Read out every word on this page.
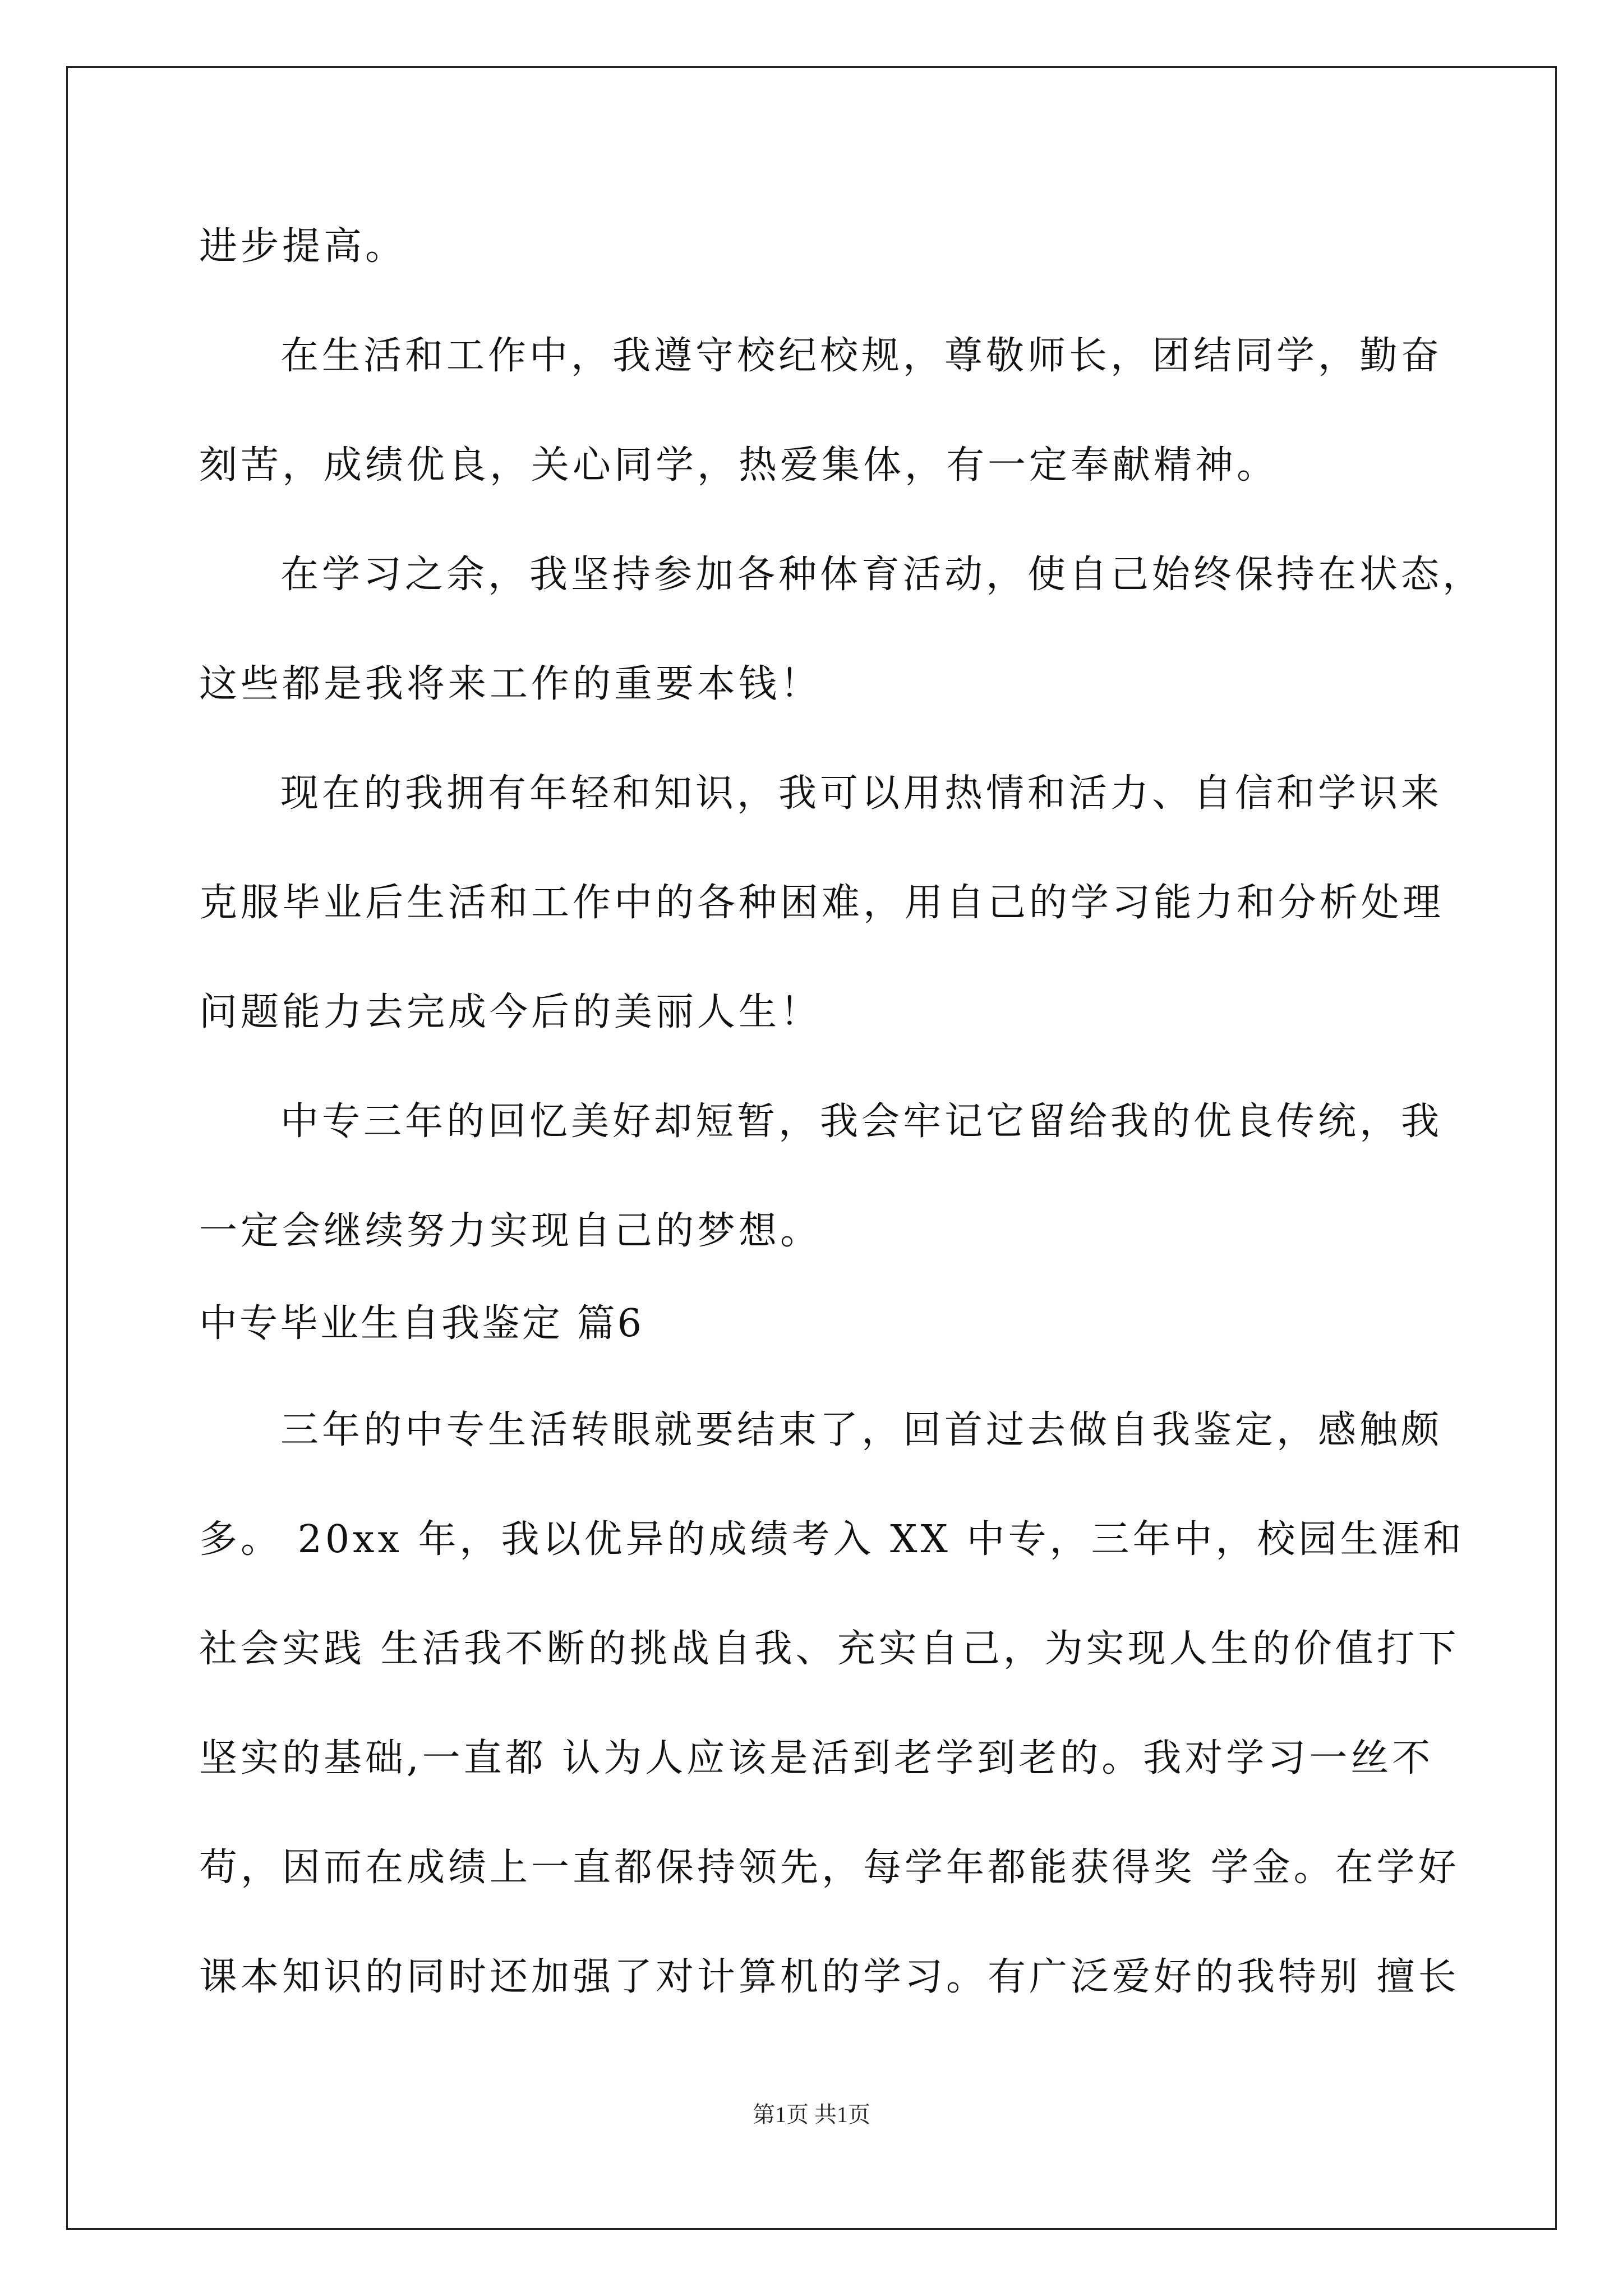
进步提高。
在生活和工作中，我遵守校纪校规，尊敬师长，团结同学，勤奋
刻苦，成绩优良，关心同学，热爱集体，有一定奉献精神。
在学习之余，我坚持参加各种体育活动，使自己始终保持在状态，
这些都是我将来工作的重要本钱！
现在的我拥有年轻和知识，我可以用热情和活力、自信和学识来
克服毕业后生活和工作中的各种困难，用自己的学习能力和分析处理
问题能力去完成今后的美丽人生！
中专三年的回忆美好却短暂，我会牢记它留给我的优良传统，我
一定会继续努力实现自己的梦想。
中专毕业生自我鉴定 篇6
三年的中专生活转眼就要结束了，回首过去做自我鉴定，感触颇
多。 20xx 年，我以优异的成绩考入 XX 中专，三年中，校园生涯和
社会实践 生活我不断的挑战自我、充实自己，为实现人生的价值打下
坚实的基础,一直都 认为人应该是活到老学到老的。我对学习一丝不
苟，因而在成绩上一直都保持领先，每学年都能获得奖 学金。在学好
课本知识的同时还加强了对计算机的学习。有广泛爱好的我特别 擅长
第1页 共1页
